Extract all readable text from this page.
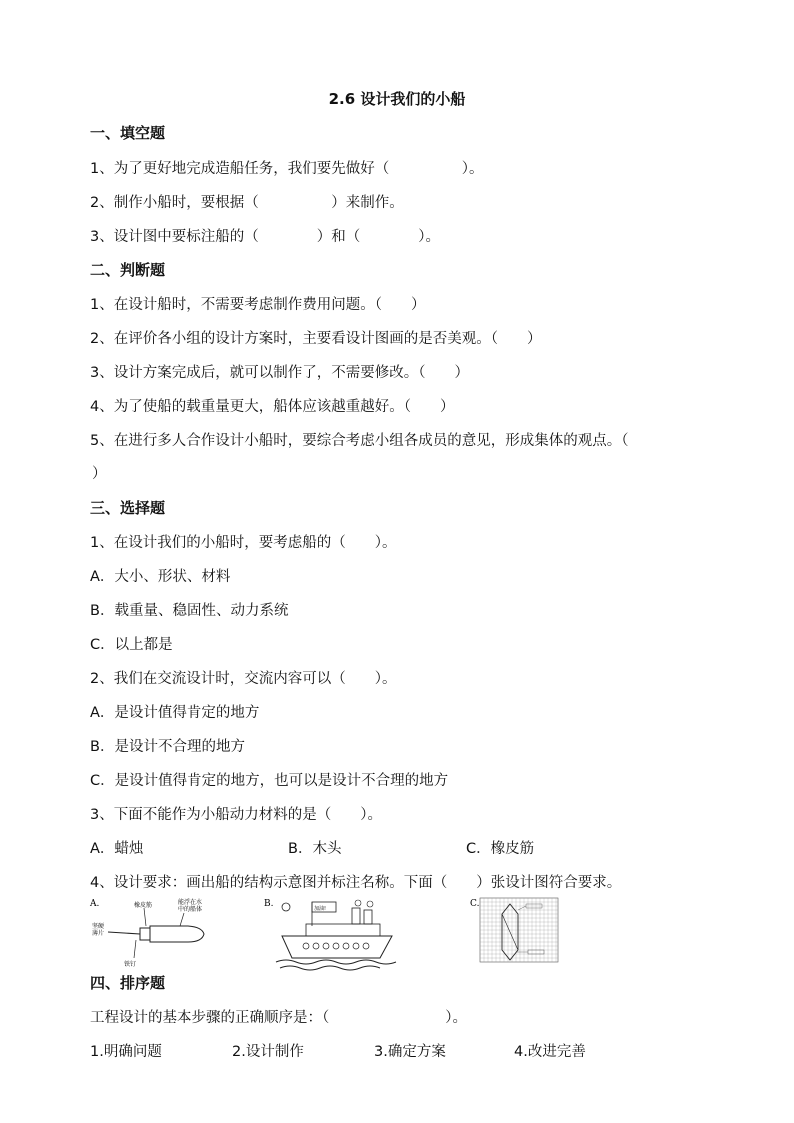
2.6 设计我们的小船
一、填空题
1、为了更好地完成造船任务，我们要先做好（　　　　　）。
2、制作小船时，要根据（　　　　　）来制作。
3、设计图中要标注船的（　　　　）和（　　　　）。
二、判断题
1、在设计船时，不需要考虑制作费用问题。（　　）
2、在评价各小组的设计方案时，主要看设计图画的是否美观。（　　）
3、设计方案完成后，就可以制作了，不需要修改。（　　）
4、为了使船的载重量更大，船体应该越重越好。（　　）
5、在进行多人合作设计小船时，要综合考虑小组各成员的意见，形成集体的观点。（
）
三、选择题
1、在设计我们的小船时，要考虑船的（　　）。
A．大小、形状、材料
B．载重量、稳固性、动力系统
C．以上都是
2、我们在交流设计时，交流内容可以（　　）。
A．是设计值得肯定的地方
B．是设计不合理的地方
C．是设计值得肯定的地方，也可以是设计不合理的地方
3、下面不能作为小船动力材料的是（　　）。
A．蜡烛	B．木头	C．橡皮筋
4、设计要求：画出船的结构示意图并标注名称。下面（　　）张设计图符合要求。
A.	橡皮筋	能浮在水
中的船体
坚硬
薄片
铁钉
B.	加油!	C.
四、排序题
工程设计的基本步骤的正确顺序是：（　　　　　　　　）。
1.明确问题	2.设计制作	3.确定方案	4.改进完善
